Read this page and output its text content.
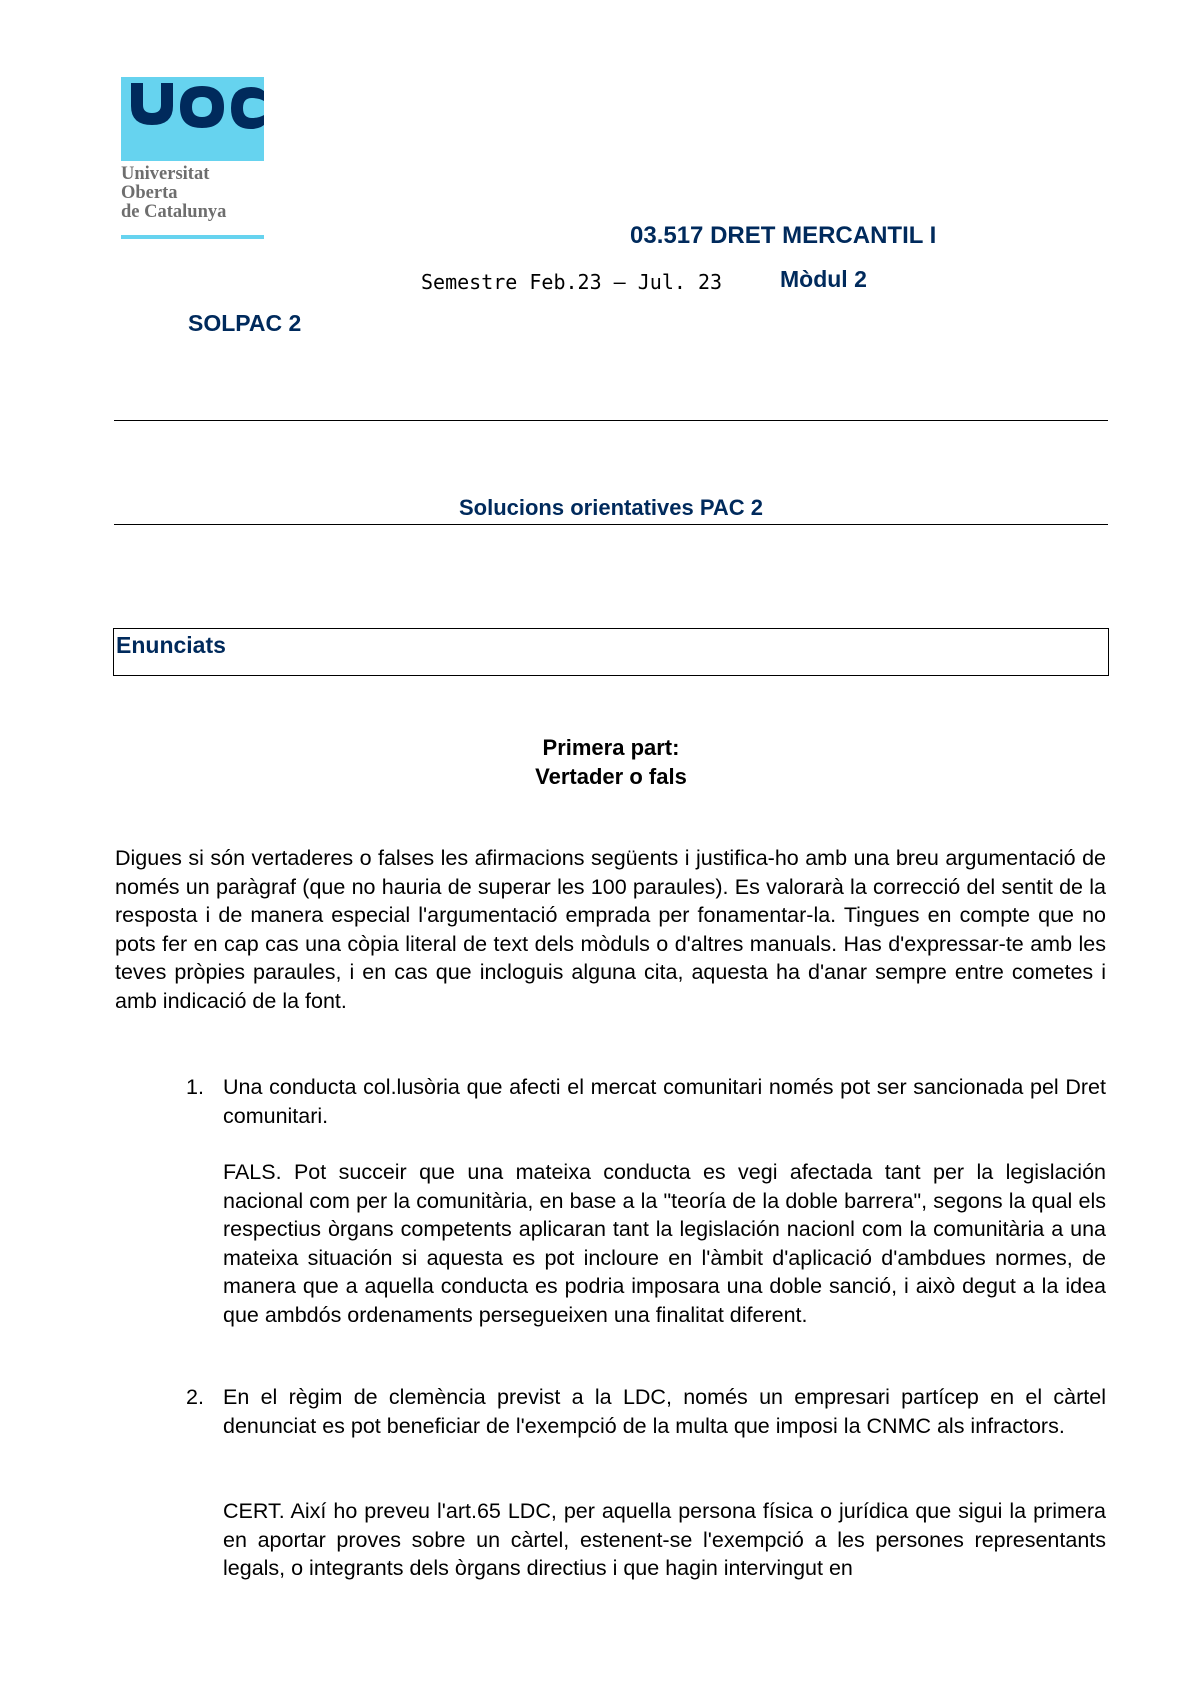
Universitat
Oberta
de Catalunya
03.517 DRET MERCANTIL I
Semestre Feb.23 – Jul. 23	Mòdul 2
SOLPAC 2
Solucions orientatives PAC 2
Enunciats
Primera part:
Vertader o fals

Digues si són vertaderes o falses les afirmacions següents i justifica-ho amb una breu argumentació de només un paràgraf (que no hauria de superar les 100 paraules). Es valorarà la correcció del sentit de la resposta i de manera especial l'argumentació emprada per fonamentar-la. Tingues en compte que no pots fer en cap cas una còpia literal de text dels mòduls o d'altres manuals. Has d'expressar-te amb les teves pròpies paraules, i en cas que incloguis alguna cita, aquesta ha d'anar sempre entre cometes i amb indicació de la font.

1. Una conducta col.lusòria que afecti el mercat comunitari només pot ser sancionada pel Dret comunitari.

FALS. Pot succeir que una mateixa conducta es vegi afectada tant per la legislación nacional com per la comunitària, en base a la "teoría de la doble barrera", segons la qual els respectius òrgans competents aplicaran tant la legislación nacionl com la comunitària a una mateixa situación si aquesta es pot incloure en l'àmbit d'aplicació d'ambdues normes, de manera que a aquella conducta es podria imposara una doble sanció, i això degut a la idea que ambdós ordenaments persegueixen una finalitat diferent.

2. En el règim de clemència previst a la LDC, només un empresari partícep en el càrtel denunciat es pot beneficiar de l'exempció de la multa que imposi la CNMC als infractors.

CERT. Així ho preveu l'art.65 LDC, per aquella persona física o jurídica que sigui la primera en aportar proves sobre un càrtel, estenent-se l'exempció a les persones representants legals, o integrants dels òrgans directius i que hagin intervingut en
